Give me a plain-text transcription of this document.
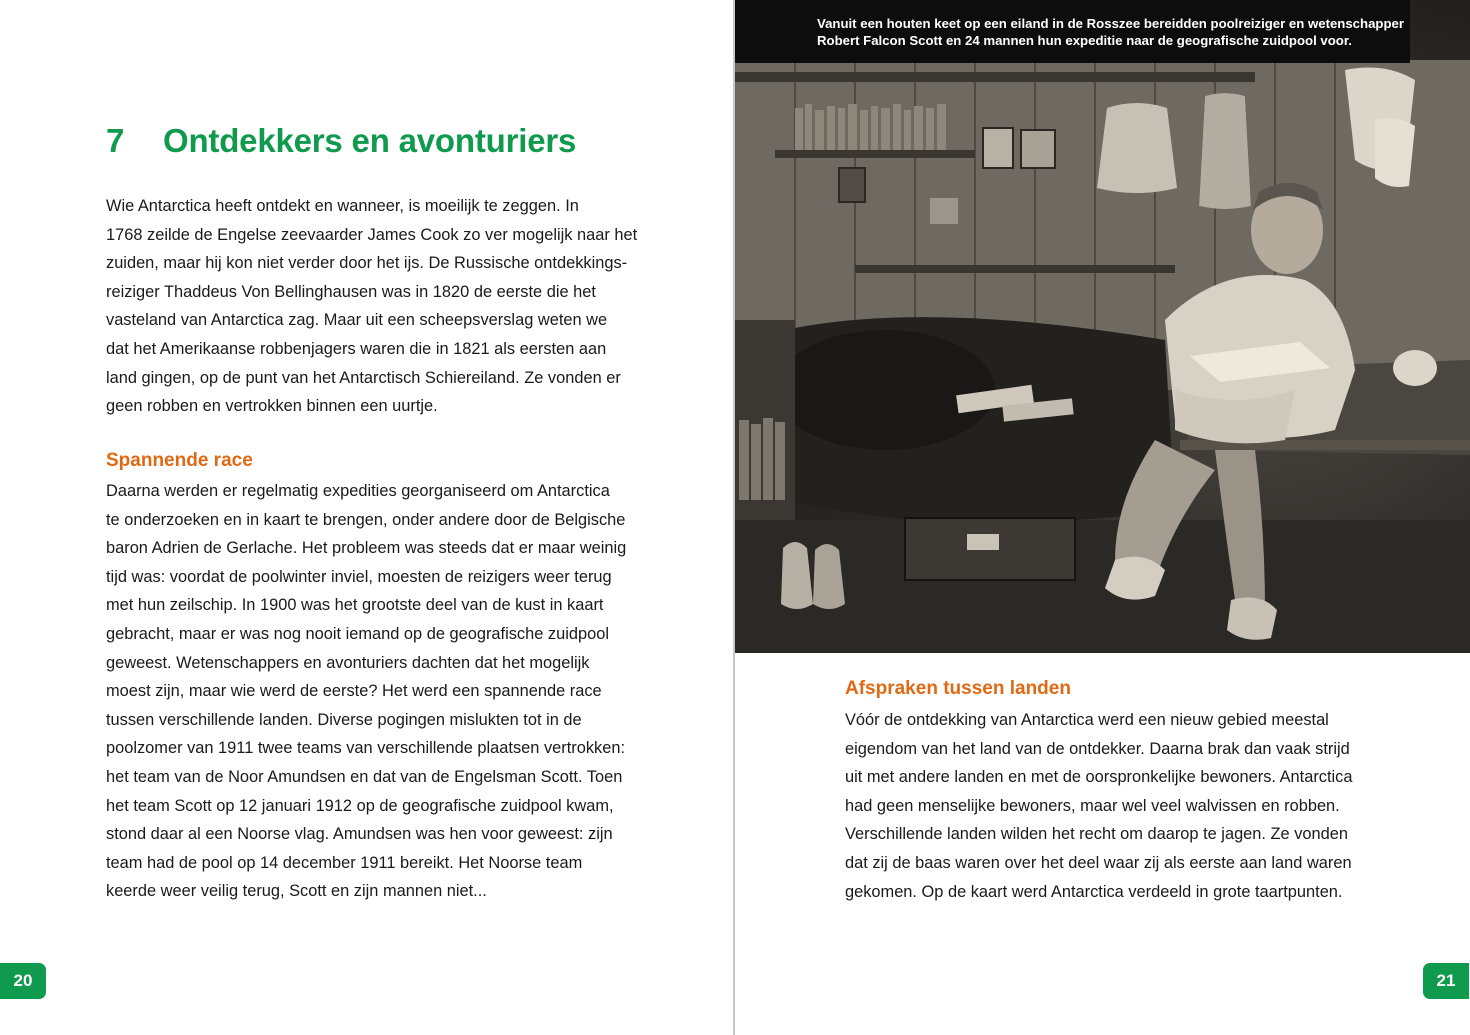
7 Ontdekkers en avonturiers

Wie Antarctica heeft ontdekt en wanneer, is moeilijk te zeggen. In
1768 zeilde de Engelse zeevaarder James Cook zo ver mogelijk naar het
zuiden, maar hij kon niet verder door het ijs. De Russische ontdekkings-
reiziger Thaddeus Von Bellinghausen was in 1820 de eerste die het
vasteland van Antarctica zag. Maar uit een scheepsverslag weten we
dat het Amerikaanse robbenjagers waren die in 1821 als eersten aan
land gingen, op de punt van het Antarctisch Schiereiland. Ze vonden er
geen robben en vertrokken binnen een uurtje.

Spannende race

Daarna werden er regelmatig expedities georganiseerd om Antarctica
te onderzoeken en in kaart te brengen, onder andere door de Belgische
baron Adrien de Gerlache. Het probleem was steeds dat er maar weinig
tijd was: voordat de poolwinter inviel, moesten de reizigers weer terug
met hun zeilschip. In 1900 was het grootste deel van de kust in kaart
gebracht, maar er was nog nooit iemand op de geografische zuidpool
geweest. Wetenschappers en avonturiers dachten dat het mogelijk
moest zijn, maar wie werd de eerste? Het werd een spannende race
tussen verschillende landen. Diverse pogingen mislukten tot in de
poolzomer van 1911 twee teams van verschillende plaatsen vertrokken:
het team van de Noor Amundsen en dat van de Engelsman Scott. Toen
het team Scott op 12 januari 1912 op de geografische zuidpool kwam,
stond daar al een Noorse vlag. Amundsen was hen voor geweest: zijn
team had de pool op 14 december 1911 bereikt. Het Noorse team
keerde weer veilig terug, Scott en zijn mannen niet...

20

Vanuit een houten keet op een eiland in de Rosszee bereidden poolreiziger en wetenschapper
Robert Falcon Scott en 24 mannen hun expeditie naar de geografische zuidpool voor.

Afspraken tussen landen

Vóór de ontdekking van Antarctica werd een nieuw gebied meestal
eigendom van het land van de ontdekker. Daarna brak dan vaak strijd
uit met andere landen en met de oorspronkelijke bewoners. Antarctica
had geen menselijke bewoners, maar wel veel walvissen en robben.
Verschillende landen wilden het recht om daarop te jagen. Ze vonden
dat zij de baas waren over het deel waar zij als eerste aan land waren
gekomen. Op de kaart werd Antarctica verdeeld in grote taartpunten.

21
